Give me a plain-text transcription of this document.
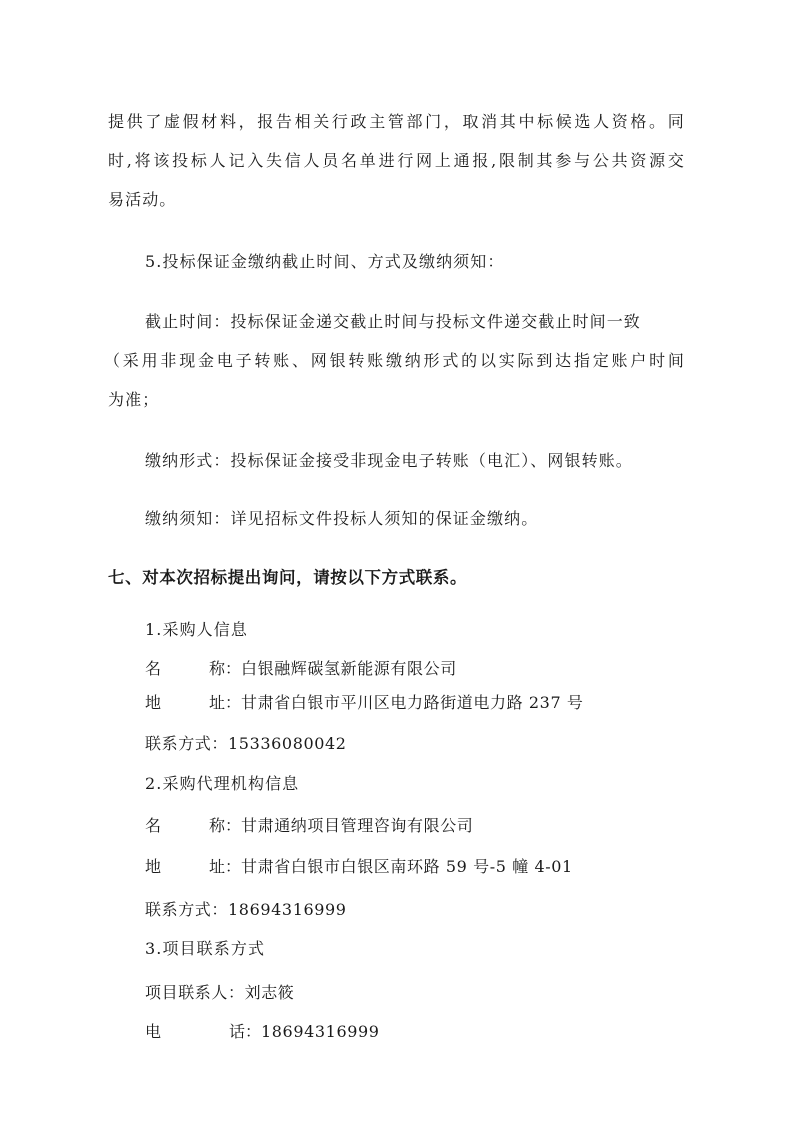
提 供 了 虚 假 材 料 ， 报 告 相 关 行 政 主 管 部 门 ， 取 消 其 中 标 候 选 人 资 格 。 同
时 , 将 该 投 标 人 记 入 失 信 人 员 名 单 进 行 网 上 通 报 , 限 制 其 参 与 公 共 资 源 交
易活动。
5.投标保证金缴纳截止时间、方式及缴纳须知：
截止时间：投标保证金递交截止时间与投标文件递交截止时间一致
（ 采 用 非 现 金 电 子 转 账 、 网 银 转 账 缴 纳 形 式 的 以 实 际 到 达 指 定 账 户 时 间
为准；
缴纳形式：投标保证金接受非现金电子转账（电汇）、网银转账。
缴纳须知：详见招标文件投标人须知的保证金缴纳。
七、对本次招标提出询问，请按以下方式联系。
1.采购人信息
名	称： 白银融辉碳氢新能源有限公司
地	址： 甘肃省白银市平川区电力路街道电力路 237 号
联系方式： 15336080042
2.采购代理机构信息
名	称： 甘肃通纳项目管理咨询有限公司
地	址： 甘肃省白银市白银区南环路 59 号-5 幢 4-01
联系方式： 18694316999
3.项目联系方式
项目联系人： 刘志筱
电	话： 18694316999
